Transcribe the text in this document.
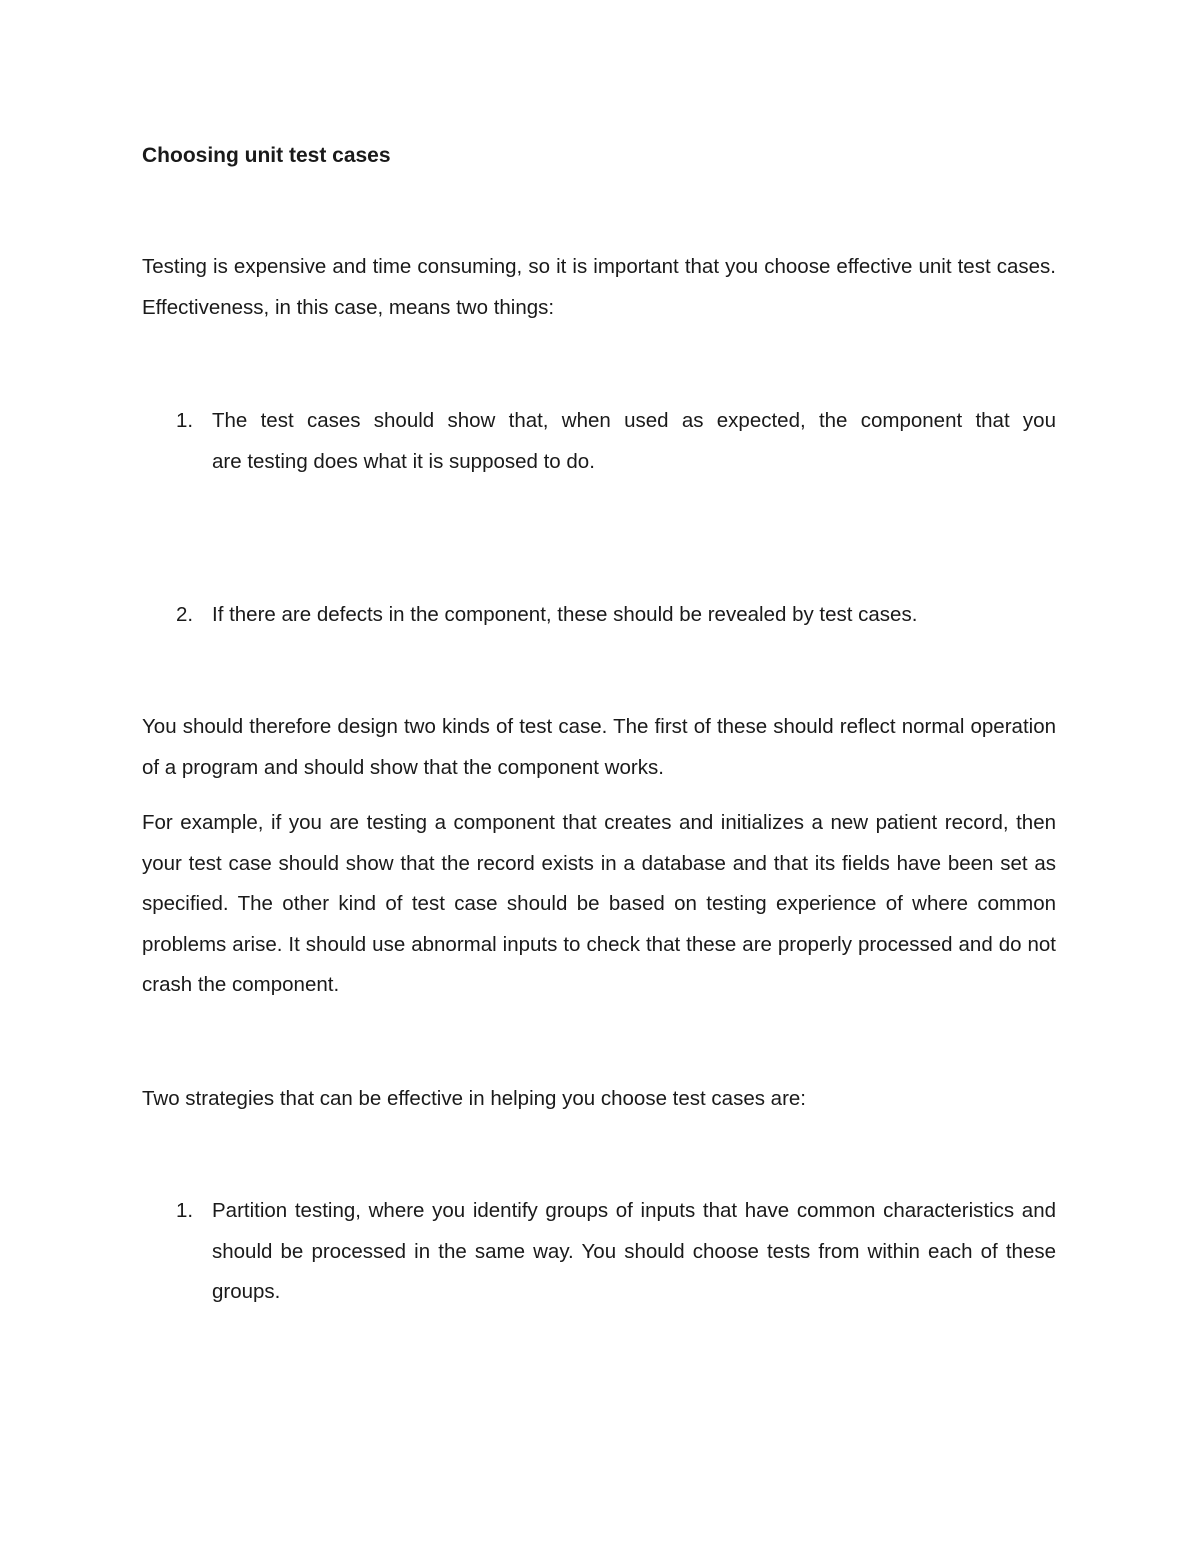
Choosing unit test cases

Testing is expensive and time consuming, so it is important that you choose effective unit test cases. Effectiveness, in this case, means two things:

1. The test cases should show that, when used as expected, the component that you
are testing does what it is supposed to do.
2. If there are defects in the component, these should be revealed by test cases.

You should therefore design two kinds of test case. The first of these should reflect normal operation of a program and should show that the component works.

For example, if you are testing a component that creates and initializes a new patient record, then your test case should show that the record exists in a database and that its fields have been set as specified. The other kind of test case should be based on testing experience of where common problems arise. It should use abnormal inputs to check that these are properly processed and do not crash the component.

Two strategies that can be effective in helping you choose test cases are:

1. Partition testing, where you identify groups of inputs that have common characteristics and should be processed in the same way. You should choose tests from within each of these groups.
